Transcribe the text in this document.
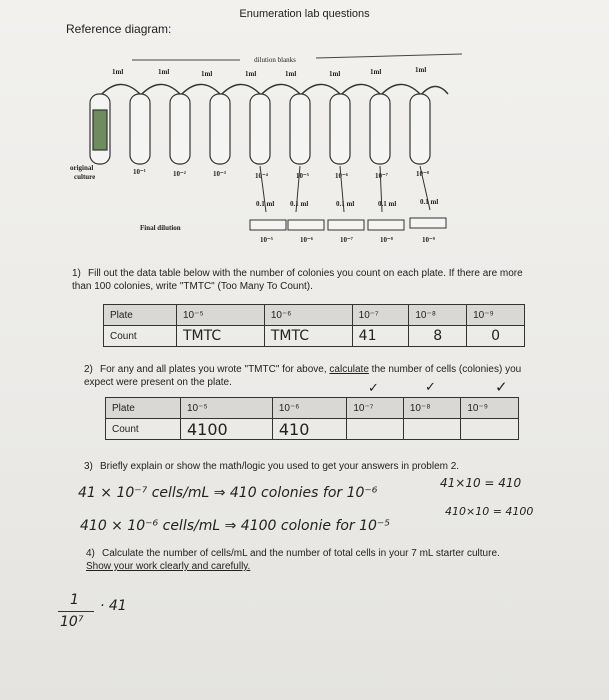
Enumeration lab questions
Reference diagram:
dilution blanks
1ml	1ml	1ml	1ml	1ml	1ml	1ml	1ml
original
culture
10⁻¹	10⁻²	10⁻³	10⁻⁴	10⁻⁵	10⁻⁶	10⁻⁷	10⁻⁸
0.1 ml 0.1 ml	0.1 ml	0.1 ml	0.1 ml
Final dilution
10⁻⁵	10⁻⁶	10⁻⁷	10⁻⁸	10⁻⁹
1) Fill out the data table below with the number of colonies you count on each plate. If there are more than 100 colonies, write "TMTC" (Too Many To Count).
Plate	10⁻⁵	10⁻⁶	10⁻⁷	10⁻⁸	10⁻⁹
Count	TMTC	TMTC	41	8	0
2) For any and all plates you wrote "TMTC" for above, calculate the number of cells (colonies) you expect were present on the plate.	✓	✓	✓
Plate	10⁻⁵	10⁻⁶	10⁻⁷	10⁻⁸	10⁻⁹
Count	4100	410			
3) Briefly explain or show the math/logic you used to get your answers in problem 2.
41 × 10⁻⁷ cells/mL ⇒ 410 colonies for 10⁻⁶
41×10 = 410
410 × 10⁻⁶ cells/mL ⇒ 4100 colonie for 10⁻⁵
410×10 = 4100
4) Calculate the number of cells/mL and the number of total cells in your 7 mL starter culture. Show your work clearly and carefully.
1
10⁷
· 41
